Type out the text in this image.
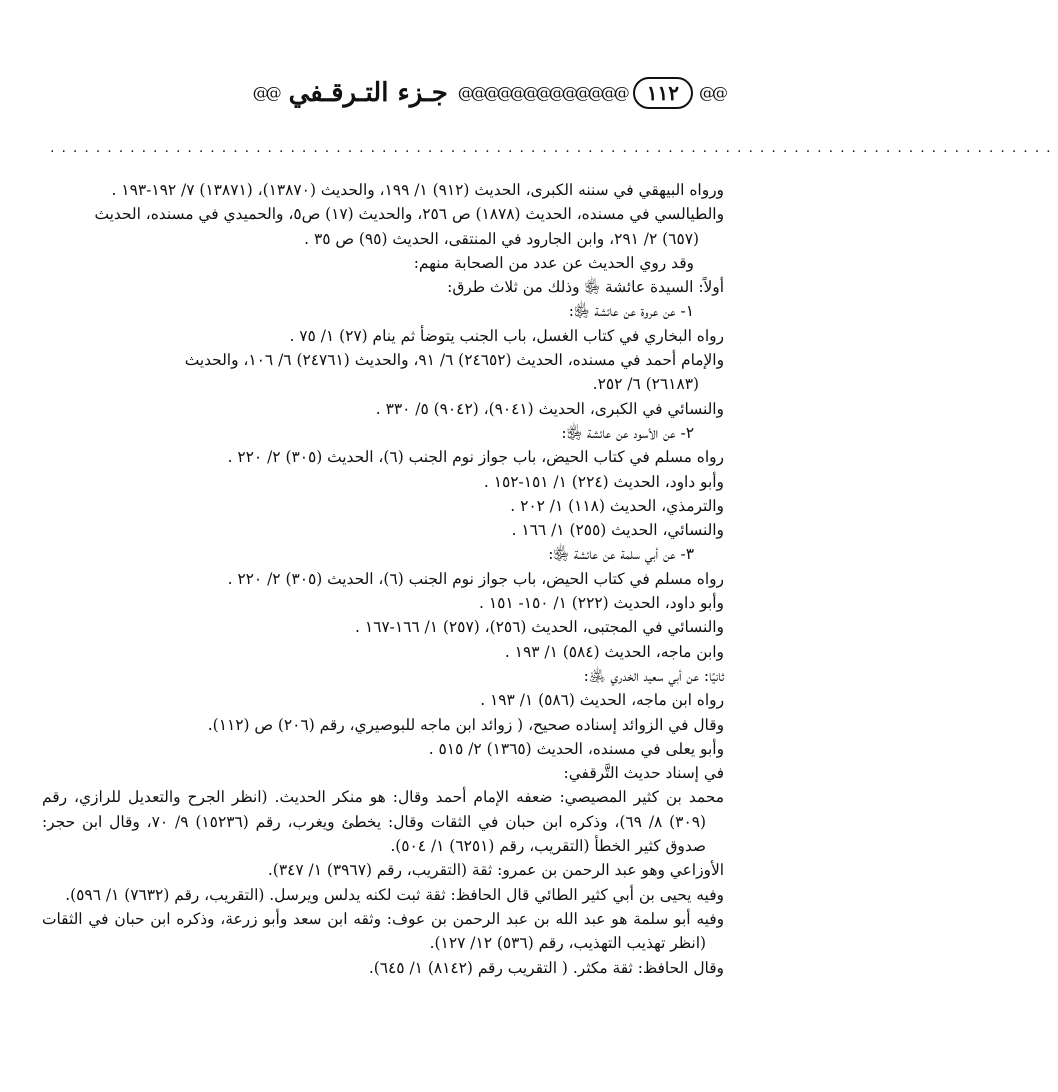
@@
١١٢
@@@@@@@@@@@@@
جـزء التـرقـفي
@@
........................................................................................

ورواه البيهقي في سننه الكبرى، الحديث (٩١٢) ١/ ١٩٩، والحديث (١٣٨٧٠)، (١٣٨٧١) ٧/ ١٩٢-١٩٣ .

والطيالسي في مسنده، الحديث (١٨٧٨) ص ٢٥٦، والحديث (١٧) ص٥، والحميدي في مسنده، الحديث

(٦٥٧) ٢/ ٢٩١، وابن الجارود في المنتقى، الحديث (٩٥) ص ٣٥ .

وقد روي الحديث عن عدد من الصحابة منهم:

أولاً: السيدة عائشة ﵂ وذلك من ثلاث طرق:

١- عن عروة عن عائشة ﵂:

رواه البخاري في كتاب الغسل، باب الجنب يتوضأ ثم ينام (٢٧) ١/ ٧٥ .

والإمام أحمد في مسنده، الحديث (٢٤٦٥٢) ٦/ ٩١، والحديث (٢٤٧٦١) ٦/ ١٠٦، والحديث

(٢٦١٨٣) ٦/ ٢٥٢.

والنسائي في الكبرى، الحديث (٩٠٤١)، (٩٠٤٢) ٥/ ٣٣٠ .

٢- عن الأسود عن عائشة ﵂:

رواه مسلم في كتاب الحيض، باب جواز نوم الجنب (٦)، الحديث (٣٠٥) ٢/ ٢٢٠ .

وأبو داود، الحديث (٢٢٤) ١/ ١٥١-١٥٢ .

والترمذي، الحديث (١١٨) ١/ ٢٠٢ .

والنسائي، الحديث (٢٥٥) ١/ ١٦٦ .

٣- عن أبي سلمة عن عائشة ﵂:

رواه مسلم في كتاب الحيض، باب جواز نوم الجنب (٦)، الحديث (٣٠٥) ٢/ ٢٢٠ .

وأبو داود، الحديث (٢٢٢) ١/ ١٥٠- ١٥١ .

والنسائي في المجتبى، الحديث (٢٥٦)، (٢٥٧) ١/ ١٦٦-١٦٧ .

وابن ماجه، الحديث (٥٨٤) ١/ ١٩٣ .

ثانيًا: عن أبي سعيد الخدري ﵁:

رواه ابن ماجه، الحديث (٥٨٦) ١/ ١٩٣ .

وقال في الزوائد إسناده صحيح، ( زوائد ابن ماجه للبوصيري، رقم (٢٠٦) ص (١١٢).

وأبو يعلى في مسنده، الحديث (١٣٦٥) ٢/ ٥١٥ .

في إسناد حديث التَّرقفي:

محمد بن كثير المصيصي: ضعفه الإمام أحمد وقال: هو منكر الحديث. (انظر الجرح والتعديل للرازي، رقم (٣٠٩) ٨/ ٦٩)، وذكره ابن حبان في الثقات وقال: يخطئ ويغرب، رقم (١٥٢٣٦) ٩/ ٧٠، وقال ابن حجر: صدوق كثير الخطأ (التقريب، رقم (٦٢٥١) ١/ ٥٠٤).

الأوزاعي وهو عبد الرحمن بن عمرو: ثقة (التقريب، رقم (٣٩٦٧) ١/ ٣٤٧).

وفيه يحيى بن أبي كثير الطائي قال الحافظ: ثقة ثبت لكنه يدلس ويرسل. (التقريب، رقم (٧٦٣٢) ١/ ٥٩٦).

وفيه أبو سلمة هو عبد الله بن عبد الرحمن بن عوف: وثقه ابن سعد وأبو زرعة، وذكره ابن حبان في الثقات (انظر تهذيب التهذيب، رقم (٥٣٦) ١٢/ ١٢٧).

وقال الحافظ: ثقة مكثر. ( التقريب رقم (٨١٤٢) ١/ ٦٤٥).
